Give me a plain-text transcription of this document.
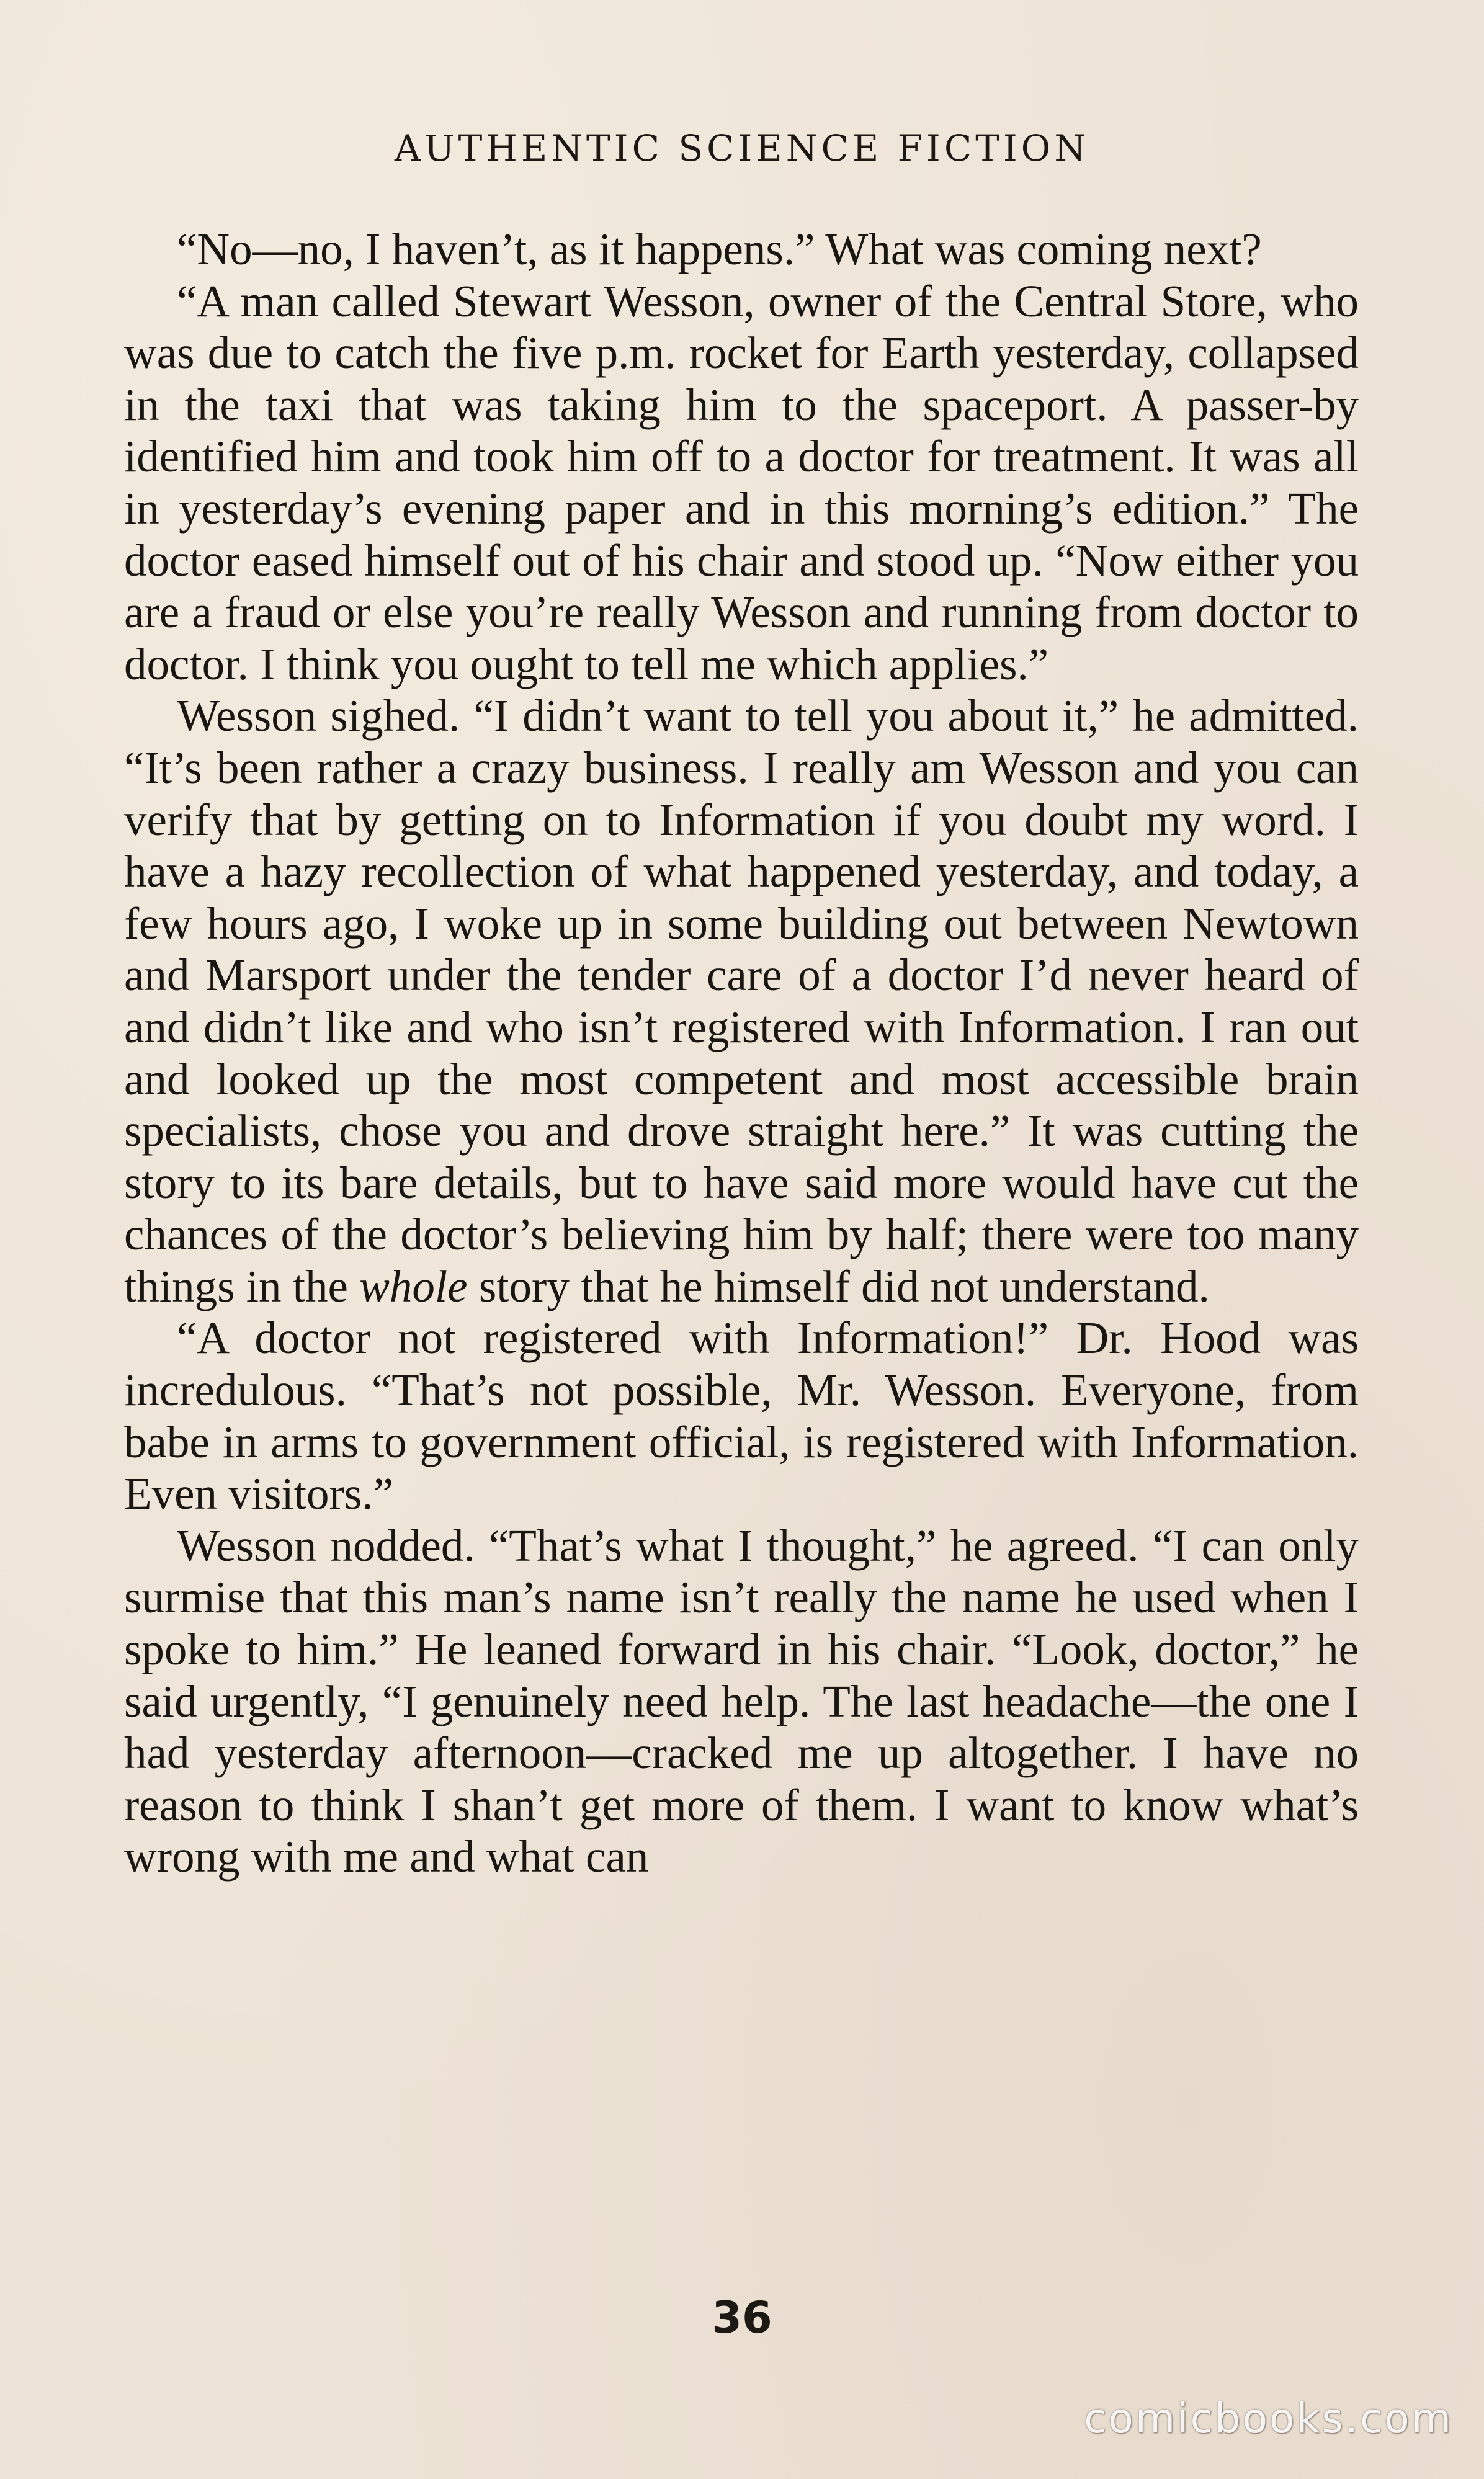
AUTHENTIC SCIENCE FICTION

“No—no, I haven’t, as it happens.” What was coming next?

“A man called Stewart Wesson, owner of the Central Store, who was due to catch the five p.m. rocket for Earth yesterday, collapsed in the taxi that was taking him to the spaceport. A passer-by identified him and took him off to a doctor for treatment. It was all in yesterday’s evening paper and in this morning’s edition.” The doctor eased himself out of his chair and stood up. “Now either you are a fraud or else you’re really Wesson and running from doctor to doctor. I think you ought to tell me which applies.”

Wesson sighed. “I didn’t want to tell you about it,” he admitted. “It’s been rather a crazy business. I really am Wesson and you can verify that by getting on to Information if you doubt my word. I have a hazy recollection of what happened yesterday, and today, a few hours ago, I woke up in some building out between Newtown and Marsport under the tender care of a doctor I’d never heard of and didn’t like and who isn’t registered with Information. I ran out and looked up the most competent and most accessible brain specialists, chose you and drove straight here.” It was cutting the story to its bare details, but to have said more would have cut the chances of the doctor’s believing him by half; there were too many things in the whole story that he himself did not understand.

“A doctor not registered with Information!” Dr. Hood was incredulous. “That’s not possible, Mr. Wesson. Everyone, from babe in arms to government official, is registered with Information. Even visitors.”

Wesson nodded. “That’s what I thought,” he agreed. “I can only surmise that this man’s name isn’t really the name he used when I spoke to him.” He leaned forward in his chair. “Look, doctor,” he said urgently, “I genuinely need help. The last headache—the one I had yesterday afternoon—cracked me up altogether. I have no reason to think I shan’t get more of them. I want to know what’s wrong with me and what can

36
comicbooks.com
